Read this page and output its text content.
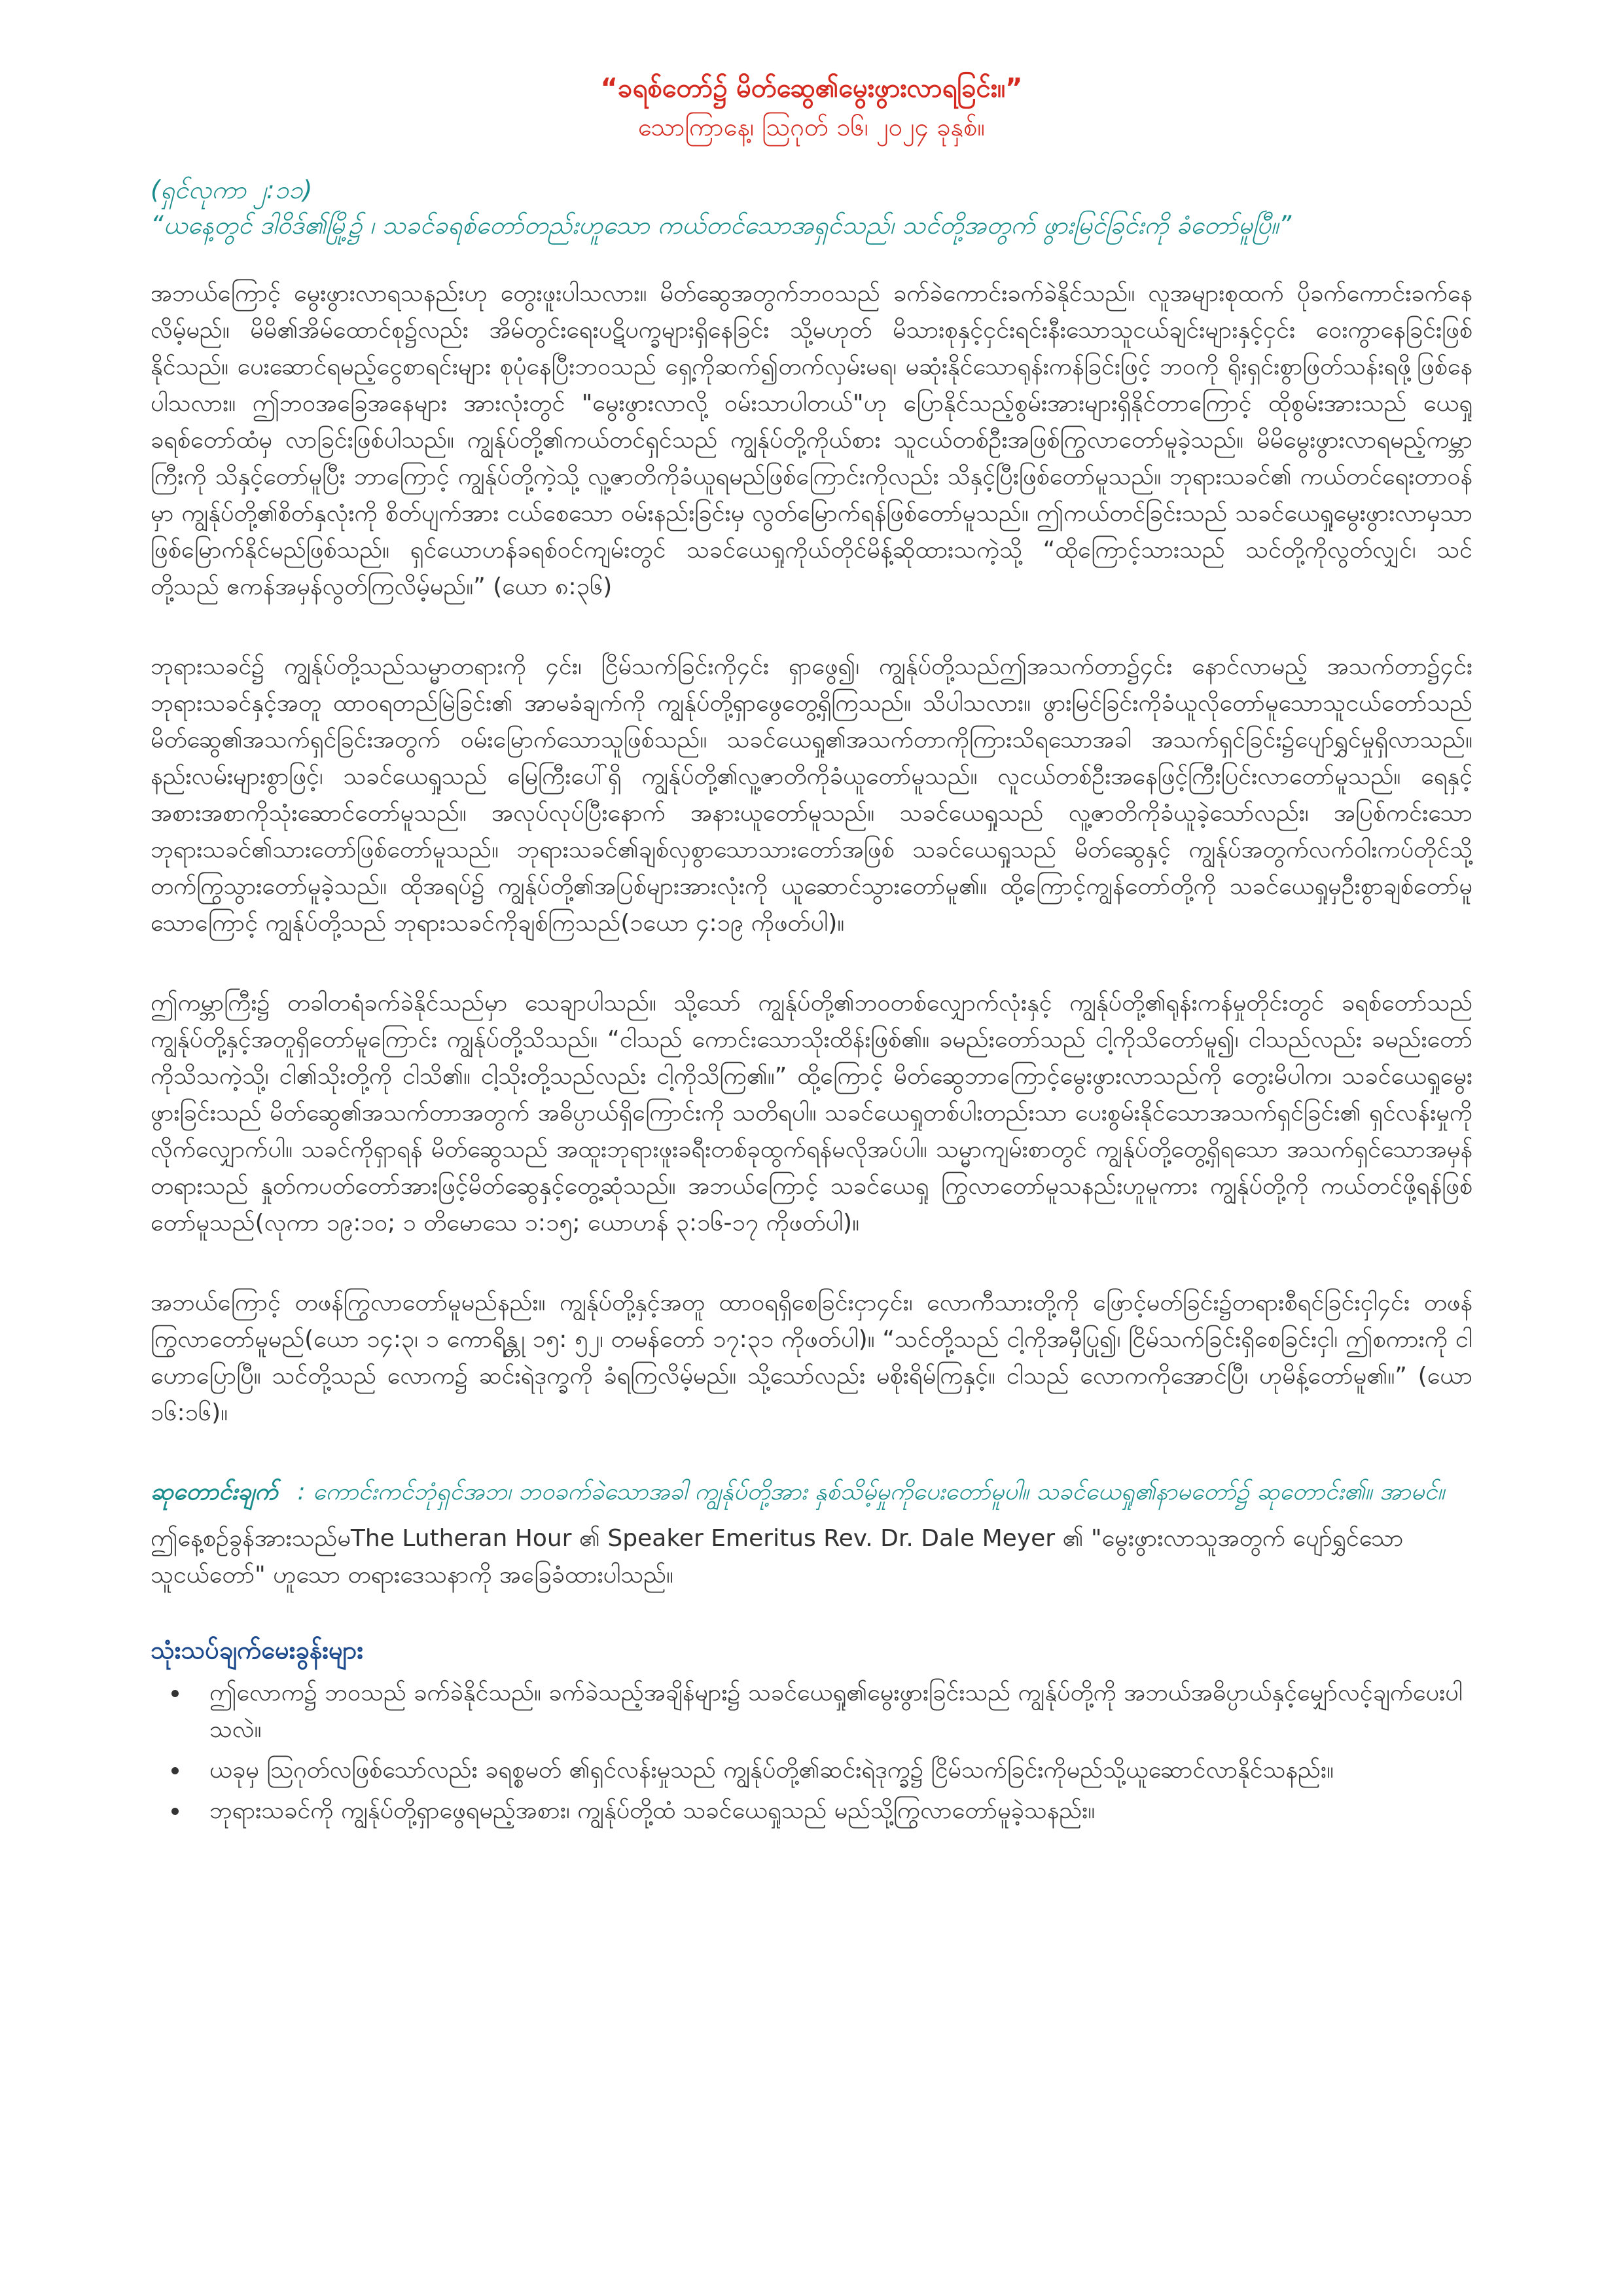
“ခရစ်တော်၌ မိတ်ဆွေ၏မွေးဖွားလာရခြင်း။”

သောကြာနေ့၊ ဩဂုတ် ၁၆၊ ၂၀၂၄ ခုနှစ်။

(ရှင်လုကာ ၂:၁၁)

“ယနေ့တွင် ဒါဝိဒ်၏မြို့၌ ၊ သခင်ခရစ်တော်တည်းဟူသော ကယ်တင်သောအရှင်သည်၊ သင်တို့အတွက် ဖွားမြင်ခြင်းကို ခံတော်မူပြီ။”

အဘယ်ကြောင့် မွေးဖွားလာရသနည်းဟု တွေးဖူးပါသလား။ မိတ်ဆွေအတွက်ဘဝသည် ခက်ခဲကောင်းခက်ခဲနိုင်သည်။ လူအများစုထက် ပိုခက်ကောင်းခက်နေလိမ့်မည်။ မိမိ၏အိမ်ထောင်စု၌လည်း အိမ်တွင်းရေးပဋိပက္ခများရှိနေခြင်း သို့မဟုတ် မိသားစုနှင့်ငှင်းရင်းနီးသောသူငယ်ချင်းများနှင့်ငှင်း ဝေးကွာနေခြင်းဖြစ်နိုင်သည်။ ပေးဆောင်ရမည့်ငွေစာရင်းများ စုပုံနေပြီးဘဝသည် ရှေ့ကိုဆက်၍တက်လှမ်းမရ၊ မဆုံးနိုင်သောရုန်းကန်ခြင်းဖြင့် ဘဝကို ရိုးရှင်းစွာဖြတ်သန်းရဖို့ဖြစ်နေပါသလား။ ဤဘဝအခြေအနေများ အားလုံးတွင် "မွေးဖွားလာလို့ ဝမ်းသာပါတယ်"ဟု ပြောနိုင်သည့်စွမ်းအားများရှိနိုင်တာကြောင့် ထိုစွမ်းအားသည် ယေရှုခရစ်တော်ထံမှ လာခြင်းဖြစ်ပါသည်။ ကျွန်ုပ်တို့၏ကယ်တင်ရှင်သည် ကျွန်ုပ်တို့ကိုယ်စား သူငယ်တစ်ဦးအဖြစ်ကြွလာတော်မူခဲ့သည်။ မိမိမွေးဖွားလာရမည့်ကမ္ဘာကြီးကို သိနှင့်တော်မူပြီး ဘာကြောင့် ကျွန်ုပ်တို့ကဲ့သို့ လူ့ဇာတိကိုခံယူရမည်ဖြစ်ကြောင်းကိုလည်း သိနှင့်ပြီးဖြစ်တော်မူသည်။ ဘုရားသခင်၏ ကယ်တင်ရေးတာဝန်မှာ ကျွန်ုပ်တို့၏စိတ်နှလုံးကို စိတ်ပျက်အား ငယ်စေသော ဝမ်းနည်းခြင်းမှ လွတ်မြောက်ရန်ဖြစ်တော်မူသည်။ ဤကယ်တင်ခြင်းသည် သခင်ယေရှုမွေးဖွားလာမှသာ ဖြစ်မြောက်နိုင်မည်ဖြစ်သည်။ ရှင်ယောဟန်ခရစ်ဝင်ကျမ်းတွင် သခင်ယေရှုကိုယ်တိုင်မိန့်ဆိုထားသကဲ့သို့ “ထိုကြောင့်သားသည် သင်တို့ကိုလွတ်လျှင်၊ သင်တို့သည် ဧကန်အမှန်လွတ်ကြလိမ့်မည်။” (ယော ၈:၃၆)

ဘုရားသခင်၌ ကျွန်ုပ်တို့သည်သမ္မာတရားကို ၄င်း၊ ငြိမ်သက်ခြင်းကို၄င်း ရှာဖွေ၍၊ ကျွန်ုပ်တို့သည်ဤအသက်တာ၌၄င်း နောင်လာမည့် အသက်တာ၌၄င်း ဘုရားသခင်နှင့်အတူ ထာဝရတည်မြဲခြင်း၏ အာမခံချက်ကို ကျွန်ုပ်တို့ရှာဖွေတွေ့ရှိကြသည်။ သိပါသလား။ ဖွားမြင်ခြင်းကိုခံယူလိုတော်မူသောသူငယ်တော်သည် မိတ်ဆွေ၏အသက်ရှင်ခြင်းအတွက် ဝမ်းမြောက်သောသူဖြစ်သည်။ သခင်ယေရှု၏အသက်တာကိုကြားသိရသောအခါ အသက်ရှင်ခြင်း၌ပျော်ရွှင်မှုရှိလာသည်။ နည်းလမ်းများစွာဖြင့်၊ သခင်ယေရှုသည် မြေကြီးပေါ်ရှိ ကျွန်ုပ်တို့၏လူ့ဇာတိကိုခံယူတော်မူသည်။ လူငယ်တစ်ဦးအနေဖြင့်ကြီးပြင်းလာတော်မူသည်။ ရေနှင့်အစားအစာကိုသုံးဆောင်တော်မူသည်။ အလုပ်လုပ်ပြီးနောက် အနားယူတော်မူသည်။ သခင်ယေရှုသည် လူ့ဇာတိကိုခံယူခဲ့သော်လည်း၊ အပြစ်ကင်းသော ဘုရားသခင်၏သားတော်ဖြစ်တော်မူသည်။ ဘုရားသခင်၏ချစ်လှစွာသောသားတော်အဖြစ် သခင်ယေရှုသည် မိတ်ဆွေနှင့် ကျွန်ုပ်အတွက်လက်ဝါးကပ်တိုင်သို့ တက်ကြွသွားတော်မူခဲ့သည်။ ထိုအရပ်၌ ကျွန်ုပ်တို့၏အပြစ်များအားလုံးကို ယူဆောင်သွားတော်မူ၏။ ထို့ကြောင့်ကျွန်တော်တို့ကို သခင်ယေရှုမှဦးစွာချစ်တော်မူသောကြောင့် ကျွန်ုပ်တို့သည် ဘုရားသခင်ကိုချစ်ကြသည်(၁ယော ၄:၁၉ ကိုဖတ်ပါ)။

ဤကမ္ဘာကြီး၌ တခါတရံခက်ခဲနိုင်သည်မှာ သေချာပါသည်။ သို့သော် ကျွန်ုပ်တို့၏ဘဝတစ်လျှောက်လုံးနှင့် ကျွန်ုပ်တို့၏ရုန်းကန်မှုတိုင်းတွင် ခရစ်တော်သည် ကျွန်ုပ်တို့နှင့်အတူရှိတော်မူကြောင်း ကျွန်ုပ်တို့သိသည်။ “ငါသည် ကောင်းသောသိုးထိန်းဖြစ်၏။ ခမည်းတော်သည် ငါ့ကိုသိတော်မူ၍၊ ငါသည်လည်း ခမည်းတော်ကိုသိသကဲ့သို့၊ ငါ၏သိုးတို့ကို ငါသိ၏။ ငါ့သိုးတို့သည်လည်း ငါ့ကိုသိကြ၏။” ထို့ကြောင့် မိတ်ဆွေဘာကြောင့်မွေးဖွားလာသည်ကို တွေးမိပါက၊ သခင်ယေရှုမွေးဖွားခြင်းသည် မိတ်ဆွေ၏အသက်တာအတွက် အဓိပ္ပာယ်ရှိကြောင်းကို သတိရပါ။ သခင်ယေရှုတစ်ပါးတည်းသာ ပေးစွမ်းနိုင်သောအသက်ရှင်ခြင်း၏ ရှင်လန်းမှုကို လိုက်လျှောက်ပါ။ သခင်ကိုရှာရန် မိတ်ဆွေသည် အထူးဘုရားဖူးခရီးတစ်ခုထွက်ရန်မလိုအပ်ပါ။ သမ္မာကျမ်းစာတွင် ကျွန်ုပ်တို့တွေ့ရှိရသော အသက်ရှင်သောအမှန်တရားသည် နှုတ်ကပတ်တော်အားဖြင့်မိတ်ဆွေနှင့်တွေ့ဆုံသည်။ အဘယ်ကြောင့် သခင်ယေရှု ကြွလာတော်မူသနည်းဟူမူကား ကျွန်ုပ်တို့ကို ကယ်တင်ဖို့ရန်ဖြစ်တော်မူသည်(လုကာ ၁၉:၁၀; ၁ တိမောသေ ၁:၁၅; ယောဟန် ၃:၁၆-၁၇ ကိုဖတ်ပါ)။

အဘယ်ကြောင့် တဖန်ကြွလာတော်မူမည်နည်း။ ကျွန်ုပ်တို့နှင့်အတူ ထာဝရရှိစေခြင်းငှာ၄င်း၊ လောကီသားတို့ကို ဖြောင့်မတ်ခြင်း၌တရားစီရင်ခြင်းငှါ၄င်း တဖန်ကြွလာတော်မူမည်(ယော ၁၄:၃၊ ၁ ကောရိန္တု ၁၅: ၅၂၊ တမန်တော် ၁၇:၃၁ ကိုဖတ်ပါ)။ “သင်တို့သည် ငါ့ကိုအမှီပြု၍၊ ငြိမ်သက်ခြင်းရှိစေခြင်းငှါ၊ ဤစကားကို ငါဟောပြောပြီ။ သင်တို့သည် လောက၌ ဆင်းရဲဒုက္ခကို ခံရကြလိမ့်မည်။ သို့သော်လည်း မစိုးရိမ်ကြနှင့်။ ငါသည် လောကကိုအောင်ပြီ၊ ဟုမိန့်တော်မူ၏။” (ယော ၁၆:၁၆)။

ဆုတောင်းချက် : ကောင်းကင်ဘုံရှင်အဘ၊ ဘဝခက်ခဲသောအခါ ကျွန်ုပ်တို့အား နှစ်သိမ့်မှုကိုပေးတော်မူပါ။ သခင်ယေရှု၏နာမတော်၌ ဆုတောင်း၏။ အာမင်။

ဤနေ့စဉ်ခွန်အားသည်မThe Lutheran Hour ၏ Speaker Emeritus Rev. Dr. Dale Meyer ၏ "မွေးဖွားလာသူအတွက် ပျော်ရွှင်သောသူငယ်တော်" ဟူသော တရားဒေသနာကို အခြေခံထားပါသည်။

သုံးသပ်ချက်မေးခွန်းများ
• ဤလောက၌ ဘဝသည် ခက်ခဲနိုင်သည်။ ခက်ခဲသည့်အချိန်များ၌ သခင်ယေရှု၏မွေးဖွားခြင်းသည် ကျွန်ုပ်တို့ကို အဘယ်အဓိပ္ပာယ်နှင့်မျှော်လင့်ချက်ပေးပါသလဲ။
• ယခုမှ ဩဂုတ်လဖြစ်သော်လည်း ခရစ္စမတ် ၏ရှင်လန်းမှုသည် ကျွန်ုပ်တို့၏ဆင်းရဲဒုက္ခ၌ ငြိမ်သက်ခြင်းကိုမည်သို့ယူဆောင်လာနိုင်သနည်း။
• ဘုရားသခင်ကို ကျွန်ုပ်တို့ရှာဖွေရမည့်အစား၊ ကျွန်ုပ်တို့ထံ သခင်ယေရှုသည် မည်သို့ကြွလာတော်မူခဲ့သနည်း။
